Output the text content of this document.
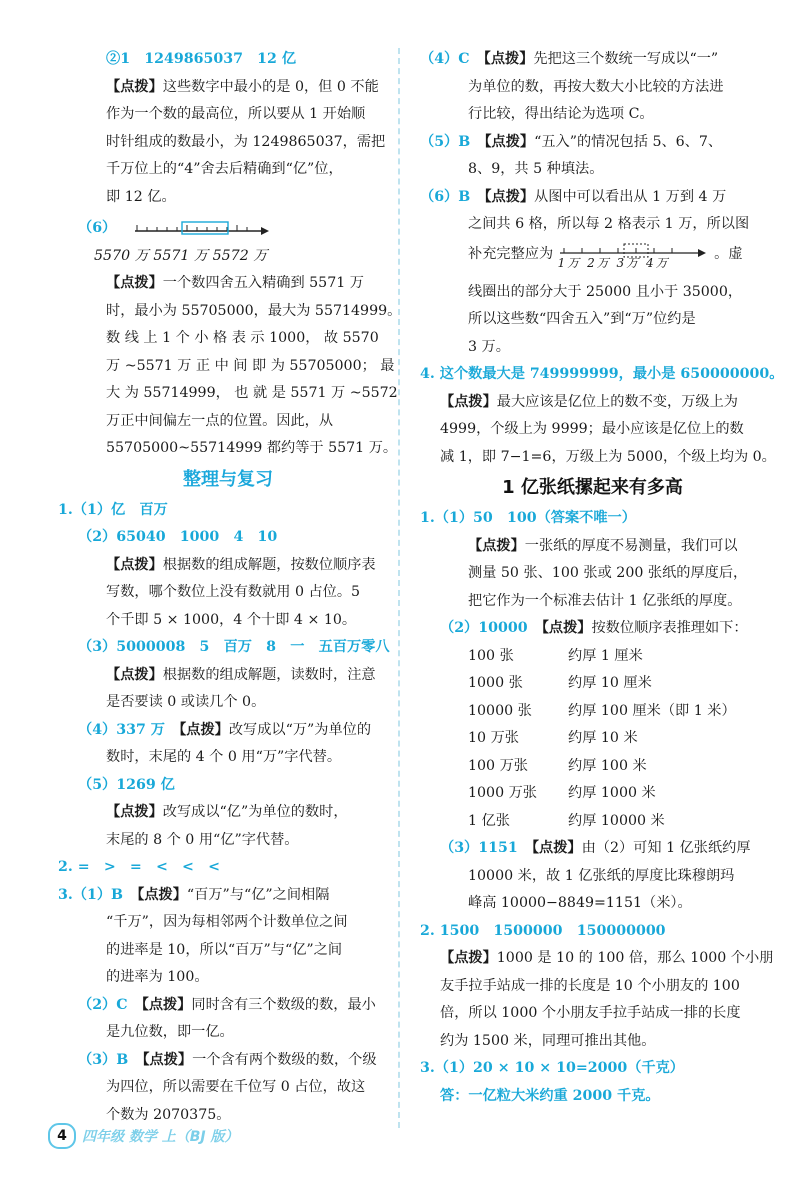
②1　1249865037　12 亿
【点拨】这些数字中最小的是 0，但 0 不能
作为一个数的最高位，所以要从 1 开始顺
时针组成的数最小，为 1249865037，需把
千万位上的“4”舍去后精确到“亿”位，
即 12 亿。
（6）
5570 万 5571 万 5572 万
【点拨】一个数四舍五入精确到 5571 万
时，最小为 55705000，最大为 55714999。
数 线 上 1 个 小 格 表 示 1000， 故 5570
万 ~5571 万 正 中 间 即 为 55705000； 最
大 为 55714999， 也 就 是 5571 万 ~5572
万正中间偏左一点的位置。因此，从
55705000~55714999 都约等于 5571 万。
整理与复习
1.（1）亿　百万
（2）65040　1000　4　10
【点拨】根据数的组成解题，按数位顺序表
写数，哪个数位上没有数就用 0 占位。5
个千即 5 × 1000，4 个十即 4 × 10。
（3）5000008　5　百万　8　一　五百万零八
【点拨】根据数的组成解题，读数时，注意
是否要读 0 或读几个 0。
（4）337 万　 【点拨】改写成以“万”为单位的
数时，末尾的 4 个 0 用“万”字代替。
（5）1269 亿
【点拨】改写成以“亿”为单位的数时，
末尾的 8 个 0 用“亿”字代替。
2. =　>　=　<　<　<
3.（1）B　 【点拨】“百万”与“亿”之间相隔
“千万”，因为每相邻两个计数单位之间
的进率是 10，所以“百万”与“亿”之间
的进率为 100。
（2）C　 【点拨】同时含有三个数级的数，最小
是九位数，即一亿。
（3）B　 【点拨】一个含有两个数级的数，个级
为四位，所以需要在千位写 0 占位，故这
个数为 2070375。
（4）C　 【点拨】先把这三个数统一写成以“一”
为单位的数，再按大数大小比较的方法进
行比较，得出结论为选项 C。
（5）B　 【点拨】“五入”的情况包括 5、6、7、
8、9，共 5 种填法。
（6）B　 【点拨】从图中可以看出从 1 万到 4 万
之间共 6 格，所以每 2 格表示 1 万，所以图
补充完整应为
1万 2万 3万 4万
。虚
线圈出的部分大于 25000 且小于 35000，
所以这些数“四舍五入”到“万”位约是
3 万。
4. 这个数最大是 749999999，最小是 650000000。
【点拨】最大应该是亿位上的数不变，万级上为
4999，个级上为 9999；最小应该是亿位上的数
减 1，即 7−1=6，万级上为 5000，个级上均为 0。
1 亿张纸摞起来有多高
1.（1）50　100（答案不唯一）
【点拨】一张纸的厚度不易测量，我们可以
测量 50 张、100 张或 200 张纸的厚度后，
把它作为一个标准去估计 1 亿张纸的厚度。
（2）10000　 【点拨】按数位顺序表推理如下：
100 张	约厚 1 厘米
1000 张	约厚 10 厘米
10000 张	约厚 100 厘米（即 1 米）
10 万张	约厚 10 米
100 万张	约厚 100 米
1000 万张	约厚 1000 米
1 亿张	约厚 10000 米
（3）1151　 【点拨】由（2）可知 1 亿张纸约厚
10000 米，故 1 亿张纸的厚度比珠穆朗玛
峰高 10000−8849=1151（米）。
2. 1500　1500000　150000000
【点拨】1000 是 10 的 100 倍，那么 1000 个小朋
友手拉手站成一排的长度是 10 个小朋友的 100
倍，所以 1000 个小朋友手拉手站成一排的长度
约为 1500 米，同理可推出其他。
3.（1）20 × 10 × 10=2000（千克）
答：一亿粒大米约重 2000 千克。
4	四年级 数学 上（BJ 版）
